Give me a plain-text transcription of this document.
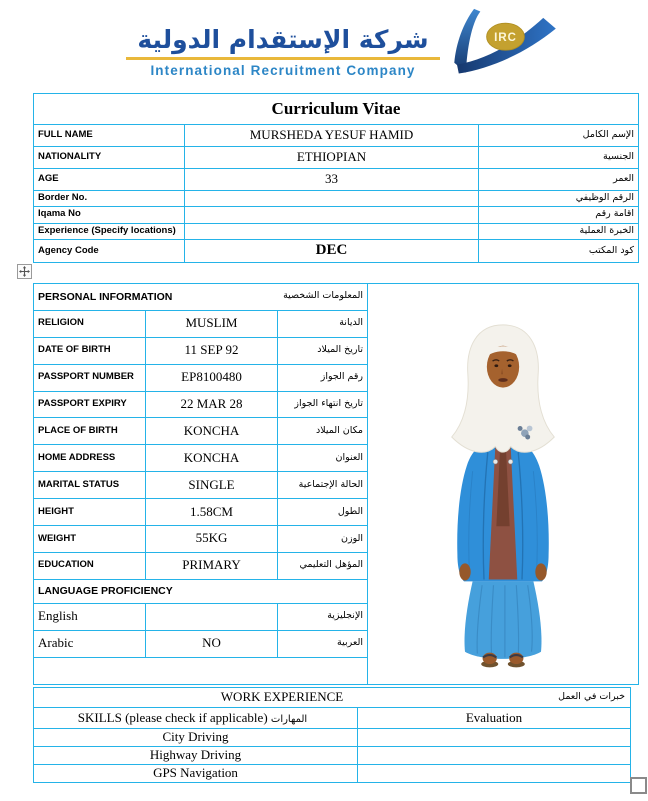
شركة الإستقدام الدولية
International Recruitment Company
IRC
Curriculum Vitae		
FULL NAME	MURSHEDA YESUF HAMID	الإسم الكامل
NATIONALITY	ETHIOPIAN	الجنسية
AGE	33	العمر
Border No.		الرقم الوظيفي
Iqama No		اقامة رقم
Experience (Specify locations)		الخبرة العملية
Agency Code	DEC	كود المكتب
PERSONAL INFORMATION المعلومات الشخصية

RELIGION	MUSLIM	الديانة	
DATE OF BIRTH	11 SEP 92	تاريخ الميلاد	
PASSPORT NUMBER	EP8100480	رقم الجواز	
PASSPORT EXPIRY	22 MAR 28	تاريخ انتهاء الجواز	
PLACE OF BIRTH	KONCHA	مكان الميلاد	
HOME ADDRESS	KONCHA	العنوان	
MARITAL STATUS	SINGLE	الحالة الإجتماعية	
HEIGHT	1.58CM	الطول	
WEIGHT	55KG	الوزن	
EDUCATION	PRIMARY	المؤهل التعليمي	
LANGUAGE PROFICIENCY			
English		الإنجليزية	
Arabic	NO	العربية	

WORK EXPERIENCE خبرات في العمل	

SKILLS (please check if applicable) المهارات	Evaluation
City Driving	
Highway Driving	
GPS Navigation	
